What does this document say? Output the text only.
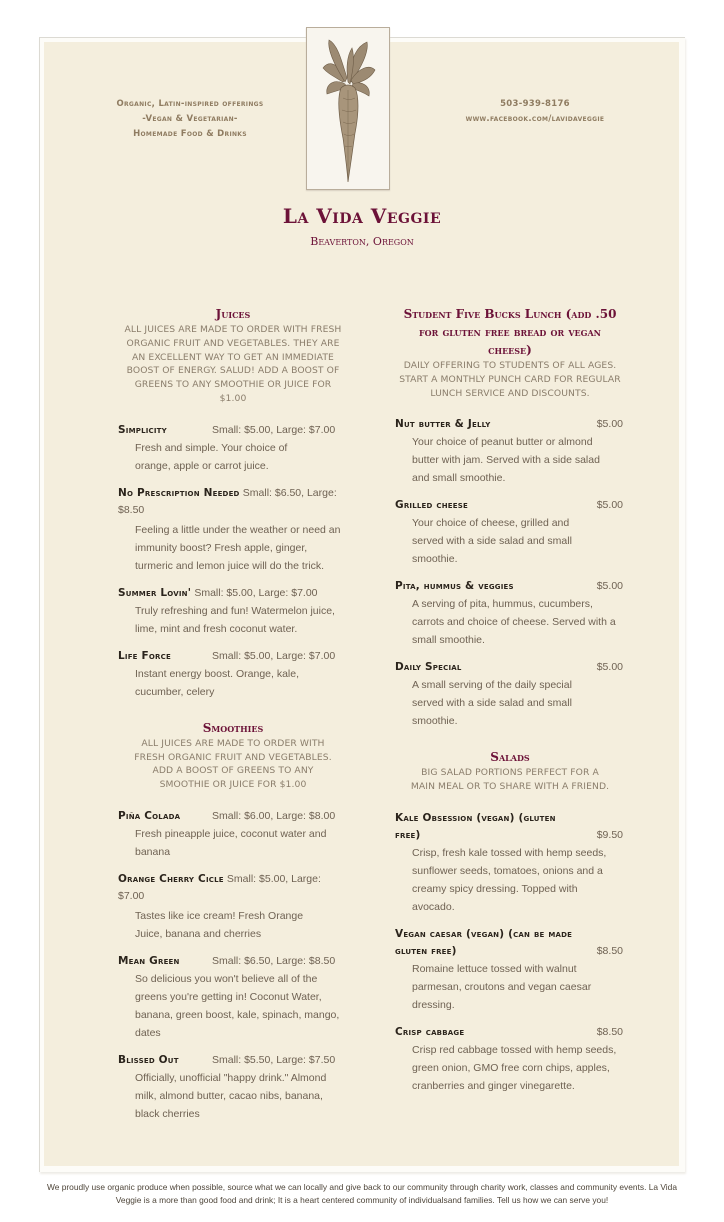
Organic, Latin-inspired offerings
-Vegan & Vegetarian-
Homemade Food & Drinks
503-939-8176
www.facebook.com/lavidaveggie
La Vida Veggie
Beaverton, Oregon
Juices
ALL JUICES ARE MADE TO ORDER WITH FRESH ORGANIC FRUIT AND VEGETABLES. THEY ARE AN EXCELLENT WAY TO GET AN IMMEDIATE BOOST OF ENERGY. SALUD! ADD A BOOST OF GREENS TO ANY SMOOTHIE OR JUICE FOR $1.00
Simplicity	Small: $5.00, Large: $7.00
Fresh and simple. Your choice of orange, apple or carrot juice.
No Prescription Needed Small: $6.50, Large: $8.50
Feeling a little under the weather or need an immunity boost? Fresh apple, ginger, turmeric and lemon juice will do the trick.
Summer Lovin' Small: $5.00, Large: $7.00
Truly refreshing and fun! Watermelon juice, lime, mint and fresh coconut water.
Life Force	Small: $5.00, Large: $7.00
Instant energy boost. Orange, kale, cucumber, celery
Smoothies
ALL JUICES ARE MADE TO ORDER WITH FRESH ORGANIC FRUIT AND VEGETABLES. ADD A BOOST OF GREENS TO ANY SMOOTHIE OR JUICE FOR $1.00
Piña Colada	Small: $6.00, Large: $8.00
Fresh pineapple juice, coconut water and banana
Orange Cherry Cicle Small: $5.00, Large: $7.00
Tastes like ice cream! Fresh Orange Juice, banana and cherries
Mean Green	Small: $6.50, Large: $8.50
So delicious you won't believe all of the greens you're getting in! Coconut Water, banana, green boost, kale, spinach, mango, dates
Blissed Out	Small: $5.50, Large: $7.50
Officially, unofficial "happy drink." Almond milk, almond butter, cacao nibs, banana, black cherries
Student Five Bucks Lunch (add .50 for gluten free bread or vegan cheese)
DAILY OFFERING TO STUDENTS OF ALL AGES. START A MONTHLY PUNCH CARD FOR REGULAR LUNCH SERVICE AND DISCOUNTS.
Nut butter & Jelly	$5.00
Your choice of peanut butter or almond butter with jam. Served with a side salad and small smoothie.
Grilled cheese	$5.00
Your choice of cheese, grilled and served with a side salad and small smoothie.
Pita, hummus & veggies	$5.00
A serving of pita, hummus, cucumbers, carrots and choice of cheese. Served with a small smoothie.
Daily Special	$5.00
A small serving of the daily special served with a side salad and small smoothie.
Salads
BIG SALAD PORTIONS PERFECT FOR A MAIN MEAL OR TO SHARE WITH A FRIEND.
Kale Obsession (vegan) (gluten free)	$9.50
Crisp, fresh kale tossed with hemp seeds, sunflower seeds, tomatoes, onions and a creamy spicy dressing. Topped with avocado.
Vegan caesar (vegan) (can be made gluten free)	$8.50
Romaine lettuce tossed with walnut parmesan, croutons and vegan caesar dressing.
Crisp cabbage	$8.50
Crisp red cabbage tossed with hemp seeds, green onion, GMO free corn chips, apples, cranberries and ginger vinegarette.
We proudly use organic produce when possible, source what we can locally and give back to our community through charity work, classes and community events. La Vida Veggie is a more than good food and drink; It is a heart centered community of individualsand families. Tell us how we can serve you!
